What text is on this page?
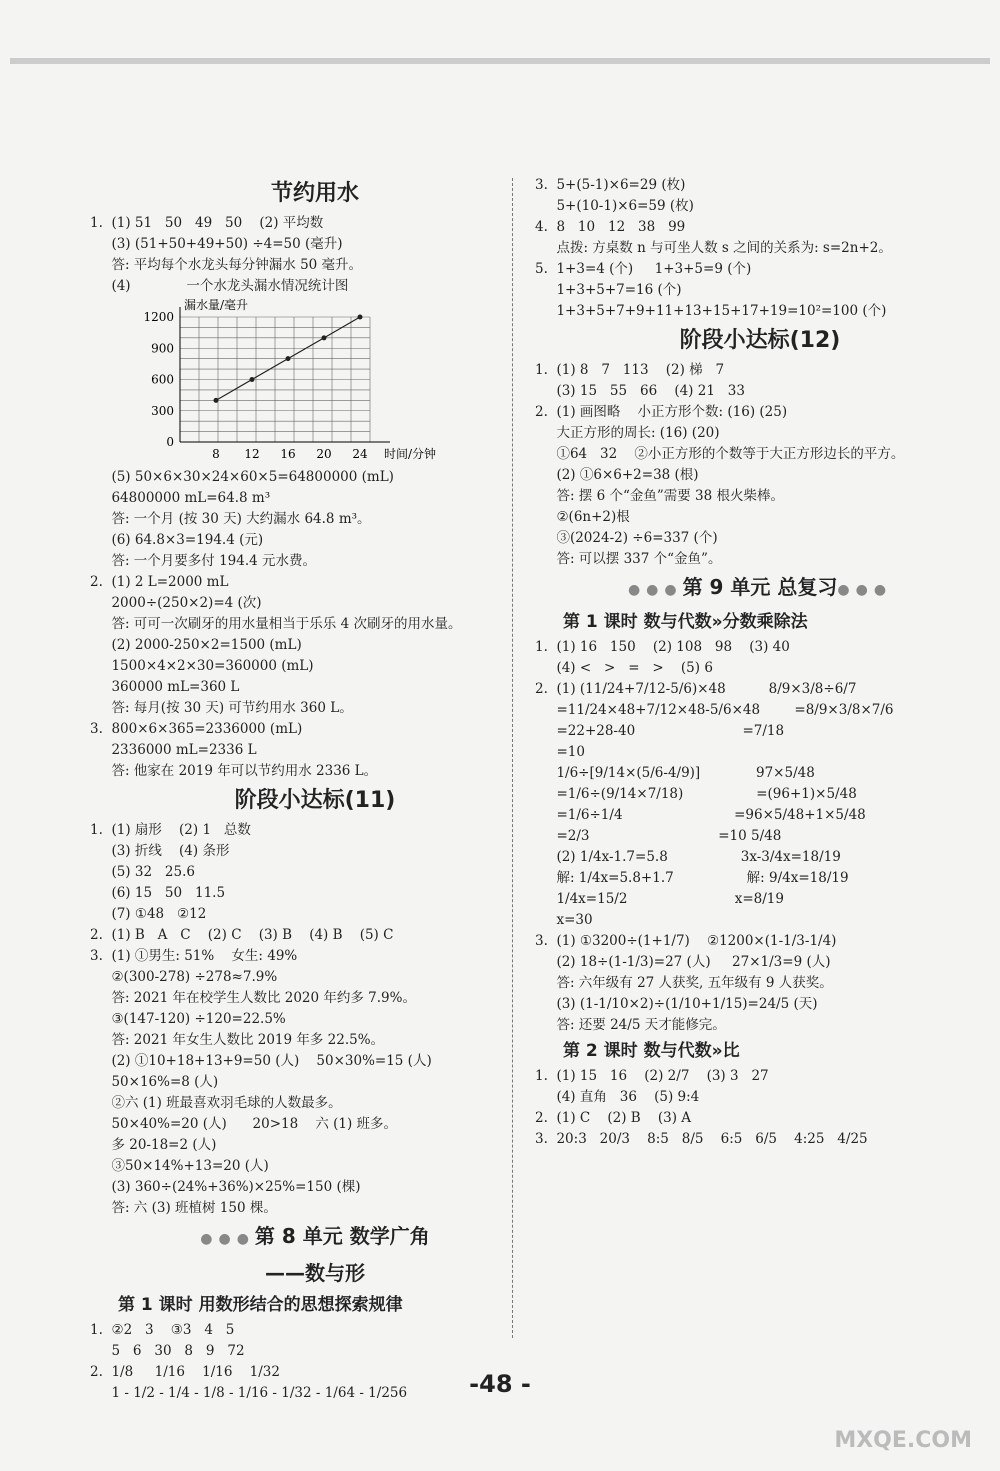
节约用水
1.  (1) 51   50   49   50    (2) 平均数
(3) (51+50+49+50) ÷4=50 (毫升)
答: 平均每个水龙头每分钟漏水 50 毫升。
(4)             一个水龙头漏水情况统计图
0
300
600
900
1200
8 12 16 20 24
漏水量/毫升
时间/分钟
(5) 50×6×30×24×60×5=64800000 (mL)
64800000 mL=64.8 m³
答: 一个月 (按 30 天) 大约漏水 64.8 m³。
(6) 64.8×3=194.4 (元)
答: 一个月要多付 194.4 元水费。
2.  (1) 2 L=2000 mL
2000÷(250×2)=4 (次)
答: 可可一次刷牙的用水量相当于乐乐 4 次刷牙的用水量。
(2) 2000-250×2=1500 (mL)
1500×4×2×30=360000 (mL)
360000 mL=360 L
答: 每月(按 30 天) 可节约用水 360 L。
3.  800×6×365=2336000 (mL)
2336000 mL=2336 L
答: 他家在 2019 年可以节约用水 2336 L。
阶段小达标(11)
1.  (1) 扇形    (2) 1   总数
(3) 折线    (4) 条形
(5) 32   25.6
(6) 15   50   11.5
(7) ①48   ②12
2.  (1) B   A   C    (2) C    (3) B    (4) B    (5) C
3.  (1) ①男生: 51%    女生: 49%
②(300-278) ÷278≈7.9%
答: 2021 年在校学生人数比 2020 年约多 7.9%。
③(147-120) ÷120=22.5%
答: 2021 年女生人数比 2019 年多 22.5%。
(2) ①10+18+13+9=50 (人)    50×30%=15 (人)
50×16%=8 (人)
②六 (1) 班最喜欢羽毛球的人数最多。
50×40%=20 (人)      20>18    六 (1) 班多。
多 20-18=2 (人)
③50×14%+13=20 (人)
(3) 360÷(24%+36%)×25%=150 (棵)
答: 六 (3) 班植树 150 棵。
●●●第 8 单元 数学广角
——数与形
第 1 课时 用数形结合的思想探索规律
1.  ②2   3    ③3   4   5
5   6   30   8   9   72
2.  1/8     1/16    1/16    1/32
1 - 1/2 - 1/4 - 1/8 - 1/16 - 1/32 - 1/64 - 1/256
3.  5+(5-1)×6=29 (枚)
5+(10-1)×6=59 (枚)
4.  8   10   12   38   99
点拨: 方桌数 n 与可坐人数 s 之间的关系为: s=2n+2。
5.  1+3=4 (个)     1+3+5=9 (个)
1+3+5+7=16 (个)
1+3+5+7+9+11+13+15+17+19=10²=100 (个)
阶段小达标(12)
1.  (1) 8   7   113    (2) 梯   7
(3) 15   55   66    (4) 21   33
2.  (1) 画图略    小正方形个数: (16) (25)
大正方形的周长: (16) (20)
①64   32    ②小正方形的个数等于大正方形边长的平方。
(2) ①6×6+2=38 (根)
答: 摆 6 个“金鱼”需要 38 根火柴棒。
②(6n+2)根
③(2024-2) ÷6=337 (个)
答: 可以摆 337 个“金鱼”。
●●●第 9 单元 总复习●●●
第 1 课时 数与代数»分数乘除法
1.  (1) 16   150    (2) 108   98    (3) 40
(4) <   >   =   >    (5) 6
2.  (1) (11/24+7/12-5/6)×48          8/9×3/8÷6/7
=11/24×48+7/12×48-5/6×48        =8/9×3/8×7/6
=22+28-40                         =7/18
=10
1/6÷[9/14×(5/6-4/9)]             97×5/48
=1/6÷(9/14×7/18)                 =(96+1)×5/48
=1/6÷1/4                          =96×5/48+1×5/48
=2/3                              =10 5/48
(2) 1/4x-1.7=5.8                 3x-3/4x=18/19
解: 1/4x=5.8+1.7                 解: 9/4x=18/19
1/4x=15/2                         x=8/19
x=30
3.  (1) ①3200÷(1+1/7)    ②1200×(1-1/3-1/4)
(2) 18÷(1-1/3)=27 (人)     27×1/3=9 (人)
答: 六年级有 27 人获奖, 五年级有 9 人获奖。
(3) (1-1/10×2)÷(1/10+1/15)=24/5 (天)
答: 还要 24/5 天才能修完。
第 2 课时 数与代数»比
1.  (1) 15   16    (2) 2/7    (3) 3   27
(4) 直角   36    (5) 9:4
2.  (1) C    (2) B    (3) A
3.  20:3   20/3    8:5   8/5    6:5   6/5    4:25   4/25
-48 -
MXQE.COM
